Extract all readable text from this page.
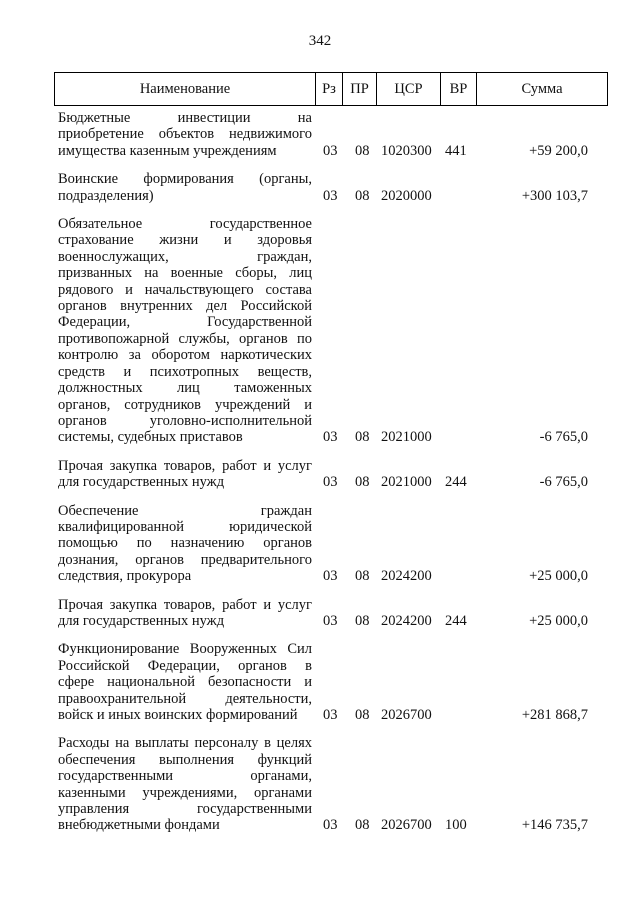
342
Наименование	Рз ПР	ЦСР	ВР	Сумма
Бюджетные инвестиции на
приобретение объектов недвижимого
имущества казенным учреждениям	03 08 1020300 441	+59 200,0
Воинские формирования (органы,
подразделения)	03 08 2020000	+300 103,7
Обязательное государственное
страхование жизни и здоровья
военнослужащих, граждан,
призванных на военные сборы, лиц
рядового и начальствующего состава
органов внутренних дел Российской
Федерации, Государственной
противопожарной службы, органов по
контролю за оборотом наркотических
средств и психотропных веществ,
должностных лиц таможенных
органов, сотрудников учреждений и
органов уголовно-исполнительной
системы, судебных приставов	03 08 2021000	-6 765,0
Прочая закупка товаров, работ и услуг
для государственных нужд	03 08 2021000 244	-6 765,0
Обеспечение граждан
квалифицированной юридической
помощью по назначению органов
дознания, органов предварительного
следствия, прокурора	03 08 2024200	+25 000,0
Прочая закупка товаров, работ и услуг
для государственных нужд	03 08 2024200 244	+25 000,0
Функционирование Вооруженных Сил
Российской Федерации, органов в
сфере национальной безопасности и
правоохранительной деятельности,
войск и иных воинских формирований	03 08 2026700	+281 868,7
Расходы на выплаты персоналу в целях
обеспечения выполнения функций
государственными органами,
казенными учреждениями, органами
управления государственными
внебюджетными фондами	03 08 2026700 100	+146 735,7
